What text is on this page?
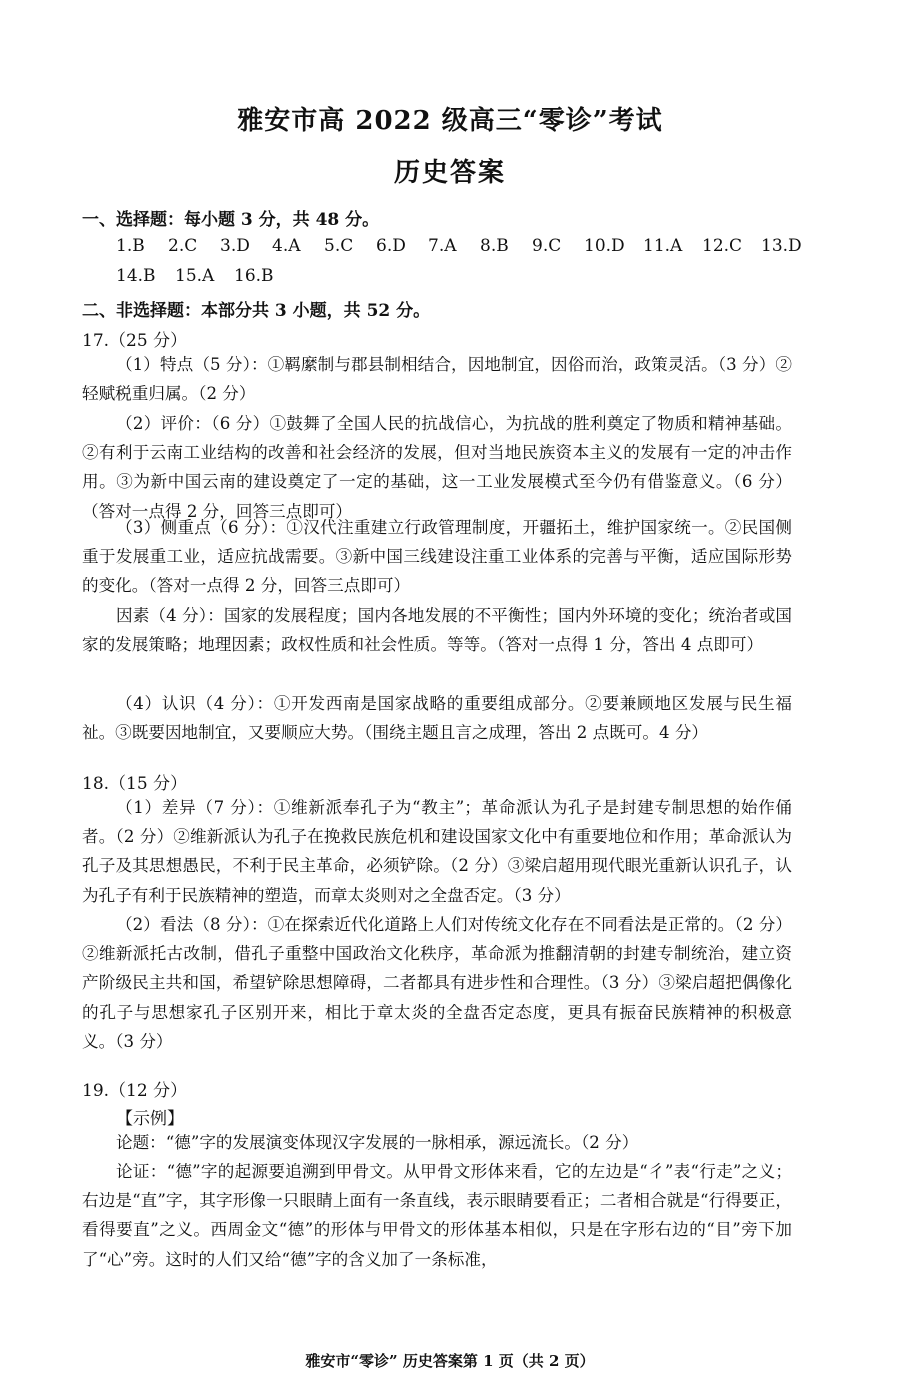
雅安市高 2022 级高三“零诊”考试
历史答案
一、选择题：每小题 3 分，共 48 分。
1.B 2.C 3.D 4.A 5.C 6.D 7.A 8.B 9.C 10.D 11.A 12.C 13.D
14.B 15.A 16.B
二、非选择题：本部分共 3 小题，共 52 分。
17.（25 分）
（1）特点（5 分）：①羁縻制与郡县制相结合，因地制宜，因俗而治，政策灵活。（3 分）②轻赋税重归属。（2 分）
（2）评价：（6 分）①鼓舞了全国人民的抗战信心，为抗战的胜利奠定了物质和精神基础。②有利于云南工业结构的改善和社会经济的发展，但对当地民族资本主义的发展有一定的冲击作用。③为新中国云南的建设奠定了一定的基础，这一工业发展模式至今仍有借鉴意义。（6 分）（答对一点得 2 分，回答三点即可）
（3）侧重点（6 分）：①汉代注重建立行政管理制度，开疆拓土，维护国家统一。②民国侧重于发展重工业，适应抗战需要。③新中国三线建设注重工业体系的完善与平衡，适应国际形势的变化。（答对一点得 2 分，回答三点即可）
因素（4 分）：国家的发展程度；国内各地发展的不平衡性；国内外环境的变化；统治者或国家的发展策略；地理因素；政权性质和社会性质。等等。（答对一点得 1 分，答出 4 点即可）
（4）认识（4 分）：①开发西南是国家战略的重要组成部分。②要兼顾地区发展与民生福祉。③既要因地制宜，又要顺应大势。（围绕主题且言之成理，答出 2 点既可。4 分）
18.（15 分）
（1）差异（7 分）：①维新派奉孔子为“教主”；革命派认为孔子是封建专制思想的始作俑者。（2 分）②维新派认为孔子在挽救民族危机和建设国家文化中有重要地位和作用；革命派认为孔子及其思想愚民，不利于民主革命，必须铲除。（2 分）③梁启超用现代眼光重新认识孔子，认为孔子有利于民族精神的塑造，而章太炎则对之全盘否定。（3 分）
（2）看法（8 分）：①在探索近代化道路上人们对传统文化存在不同看法是正常的。（2 分）②维新派托古改制，借孔子重整中国政治文化秩序，革命派为推翻清朝的封建专制统治，建立资产阶级民主共和国，希望铲除思想障碍，二者都具有进步性和合理性。（3 分）③梁启超把偶像化的孔子与思想家孔子区别开来，相比于章太炎的全盘否定态度，更具有振奋民族精神的积极意义。（3 分）
19.（12 分）
【示例】
论题：“德”字的发展演变体现汉字发展的一脉相承，源远流长。（2 分）
论证：“德”字的起源要追溯到甲骨文。从甲骨文形体来看，它的左边是“彳”表“行走”之义；右边是“直”字，其字形像一只眼睛上面有一条直线，表示眼睛要看正；二者相合就是“行得要正，看得要直”之义。西周金文“德”的形体与甲骨文的形体基本相似，只是在字形右边的“目”旁下加了“心”旁。这时的人们又给“德”字的含义加了一条标准，
雅安市“零诊” 历史答案第 1 页（共 2 页）
